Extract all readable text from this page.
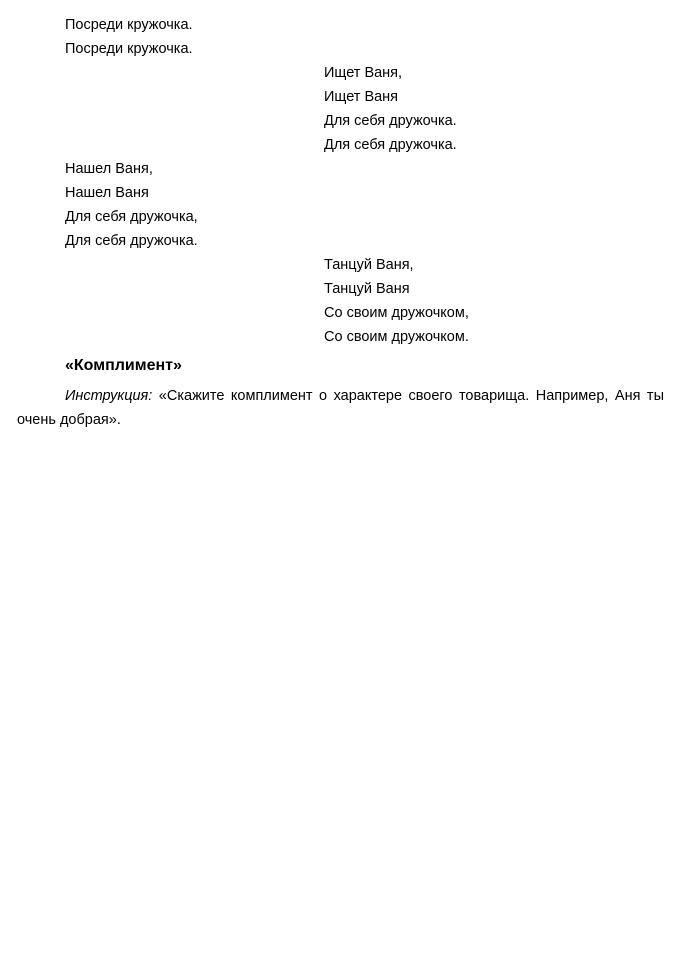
Посреди кружочка.
Посреди кружочка.
Ищет Ваня,
Ищет Ваня
Для себя дружочка.
Для себя дружочка.
Нашел Ваня,
Нашел Ваня
Для себя дружочка,
Для себя дружочка.
Танцуй Ваня,
Танцуй Ваня
Со своим дружочком,
Со своим дружочком.
«Комплимент»
Инструкция: «Скажите комплимент о характере своего товарища. Например, Аня ты очень добрая».
